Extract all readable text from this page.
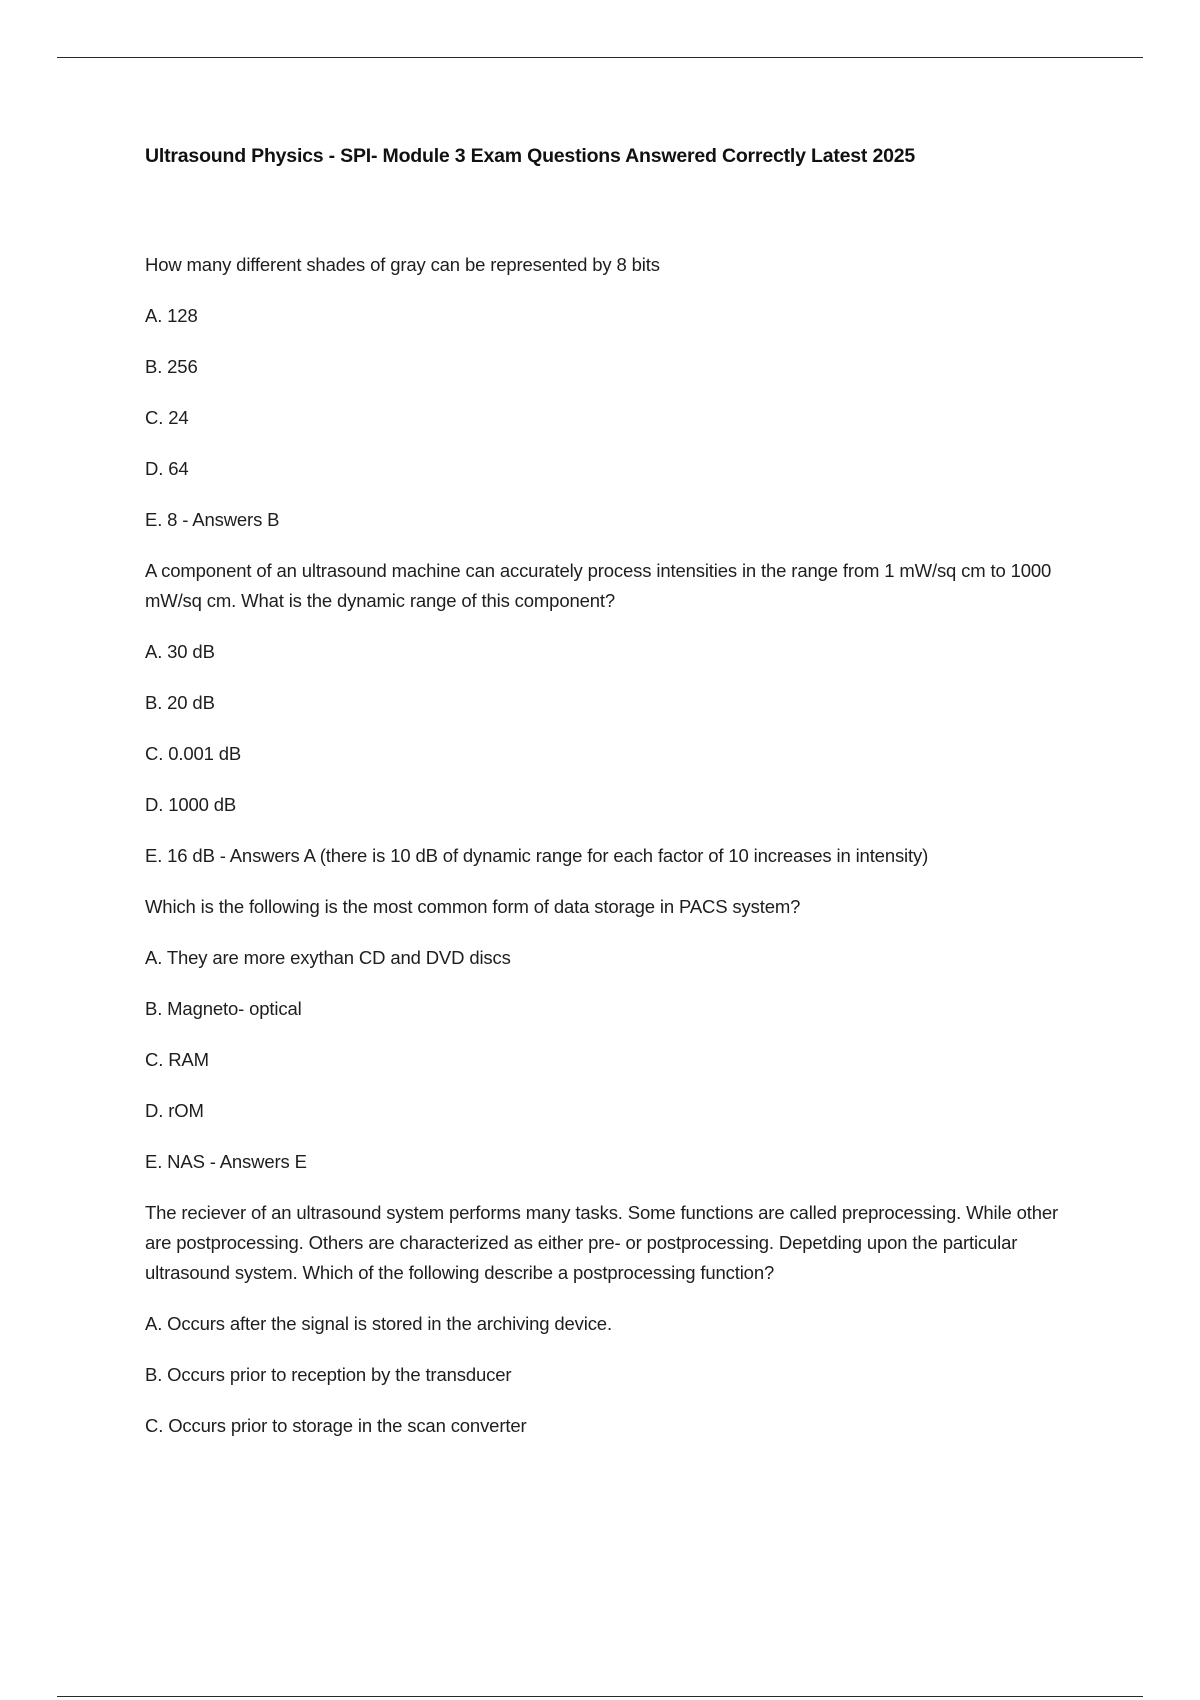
Ultrasound Physics - SPI- Module 3 Exam Questions Answered Correctly Latest 2025

How many different shades of gray can be represented by 8 bits

A. 128

B. 256

C. 24

D. 64

E. 8 - Answers B

A component of an ultrasound machine can accurately process intensities in the range from 1 mW/sq cm to 1000 mW/sq cm. What is the dynamic range of this component?

A. 30 dB

B. 20 dB

C. 0.001 dB

D. 1000 dB

E. 16 dB - Answers A (there is 10 dB of dynamic range for each factor of 10 increases in intensity)

Which is the following is the most common form of data storage in PACS system?

A. They are more exythan CD and DVD discs

B. Magneto- optical

C. RAM

D. rOM

E. NAS - Answers E

The reciever of an ultrasound system performs many tasks. Some functions are called preprocessing. While other are postprocessing. Others are characterized as either pre- or postprocessing. Depetding upon the particular ultrasound system. Which of the following describe a postprocessing function?

A. Occurs after the signal is stored in the archiving device.

B. Occurs prior to reception by the transducer

C. Occurs prior to storage in the scan converter
